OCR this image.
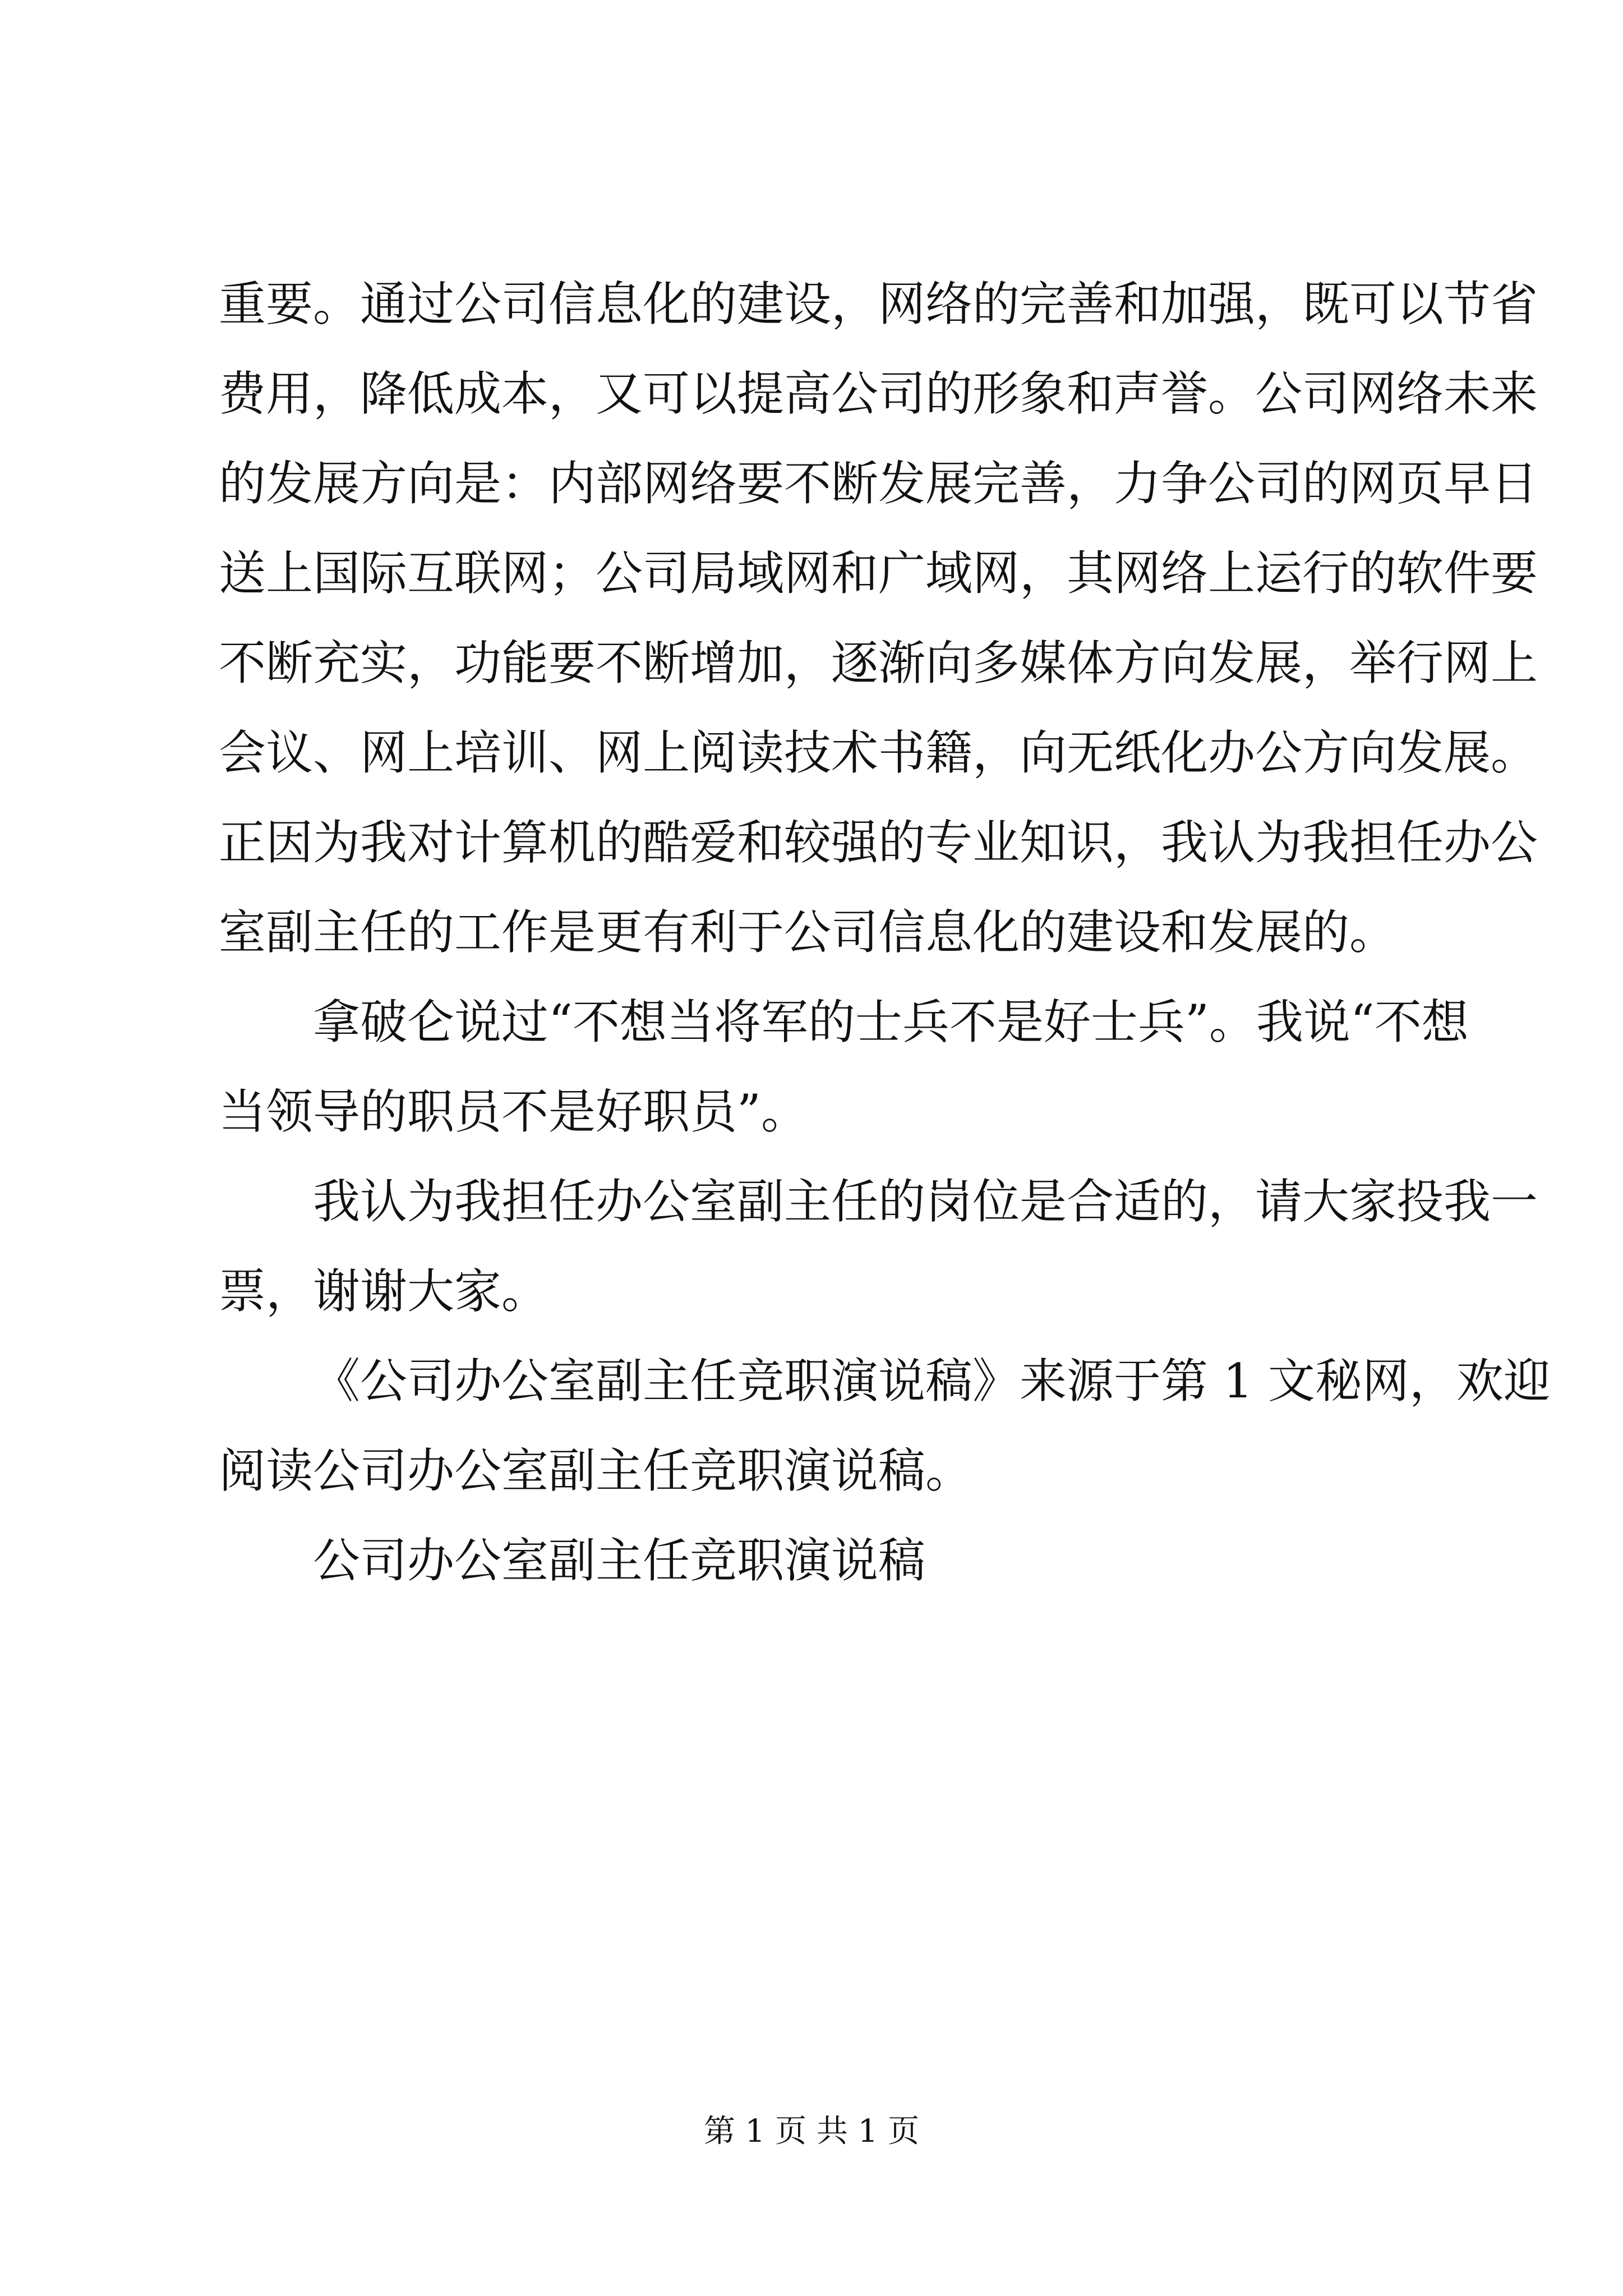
重要。通过公司信息化的建设，网络的完善和加强，既可以节省
费用，降低成本，又可以提高公司的形象和声誉。公司网络未来
的发展方向是：内部网络要不断发展完善，力争公司的网页早日
送上国际互联网；公司局域网和广域网，其网络上运行的软件要
不断充实，功能要不断增加，逐渐向多媒体方向发展，举行网上
会议、网上培训、网上阅读技术书籍，向无纸化办公方向发展。
正因为我对计算机的酷爱和较强的专业知识，我认为我担任办公
室副主任的工作是更有利于公司信息化的建设和发展的。
拿破仑说过“不想当将军的士兵不是好士兵”。我说“不想
当领导的职员不是好职员”。
我认为我担任办公室副主任的岗位是合适的，请大家投我一
票，谢谢大家。
《公司办公室副主任竞职演说稿》来源于第 1 文秘网，欢迎
阅读公司办公室副主任竞职演说稿。
公司办公室副主任竞职演说稿
第 1 页 共 1 页
